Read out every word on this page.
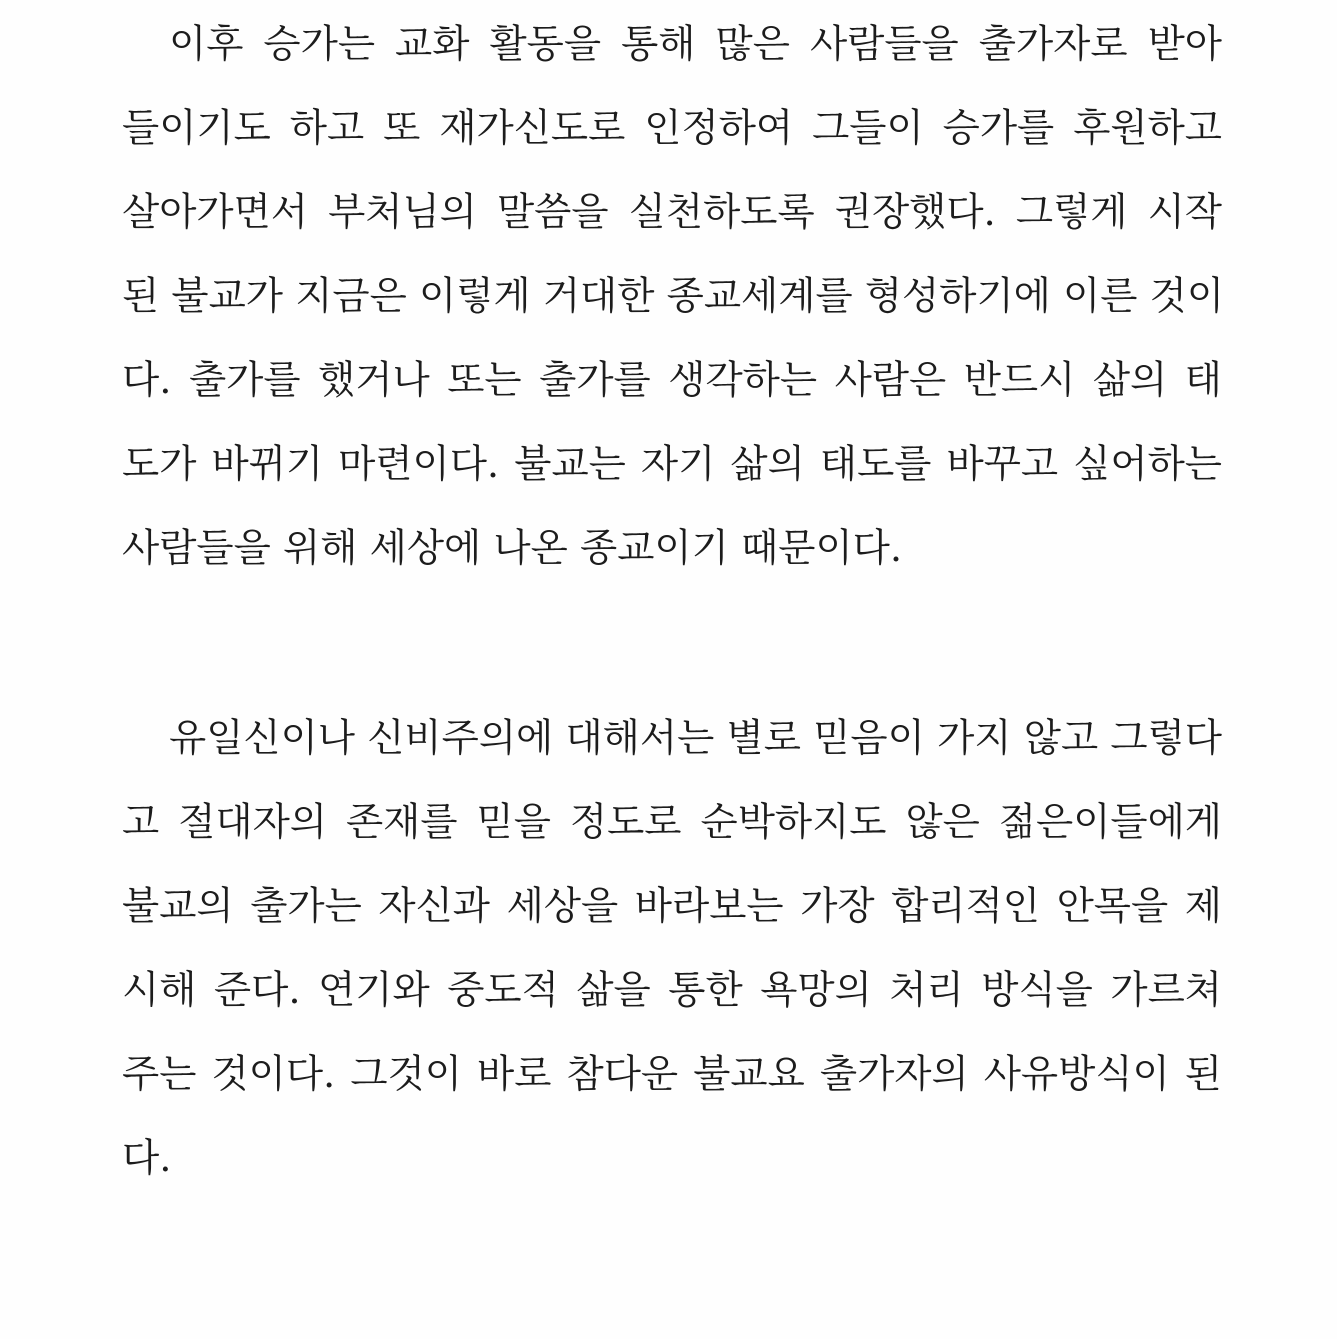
이후 승가는 교화 활동을 통해 많은 사람들을 출가자로 받아
들이기도 하고 또 재가신도로 인정하여 그들이 승가를 후원하고
살아가면서 부처님의 말씀을 실천하도록 권장했다. 그렇게 시작
된 불교가 지금은 이렇게 거대한 종교세계를 형성하기에 이른 것이
다. 출가를 했거나 또는 출가를 생각하는 사람은 반드시 삶의 태
도가 바뀌기 마련이다. 불교는 자기 삶의 태도를 바꾸고 싶어하는
사람들을 위해 세상에 나온 종교이기 때문이다.
유일신이나 신비주의에 대해서는 별로 믿음이 가지 않고 그렇다
고 절대자의 존재를 믿을 정도로 순박하지도 않은 젊은이들에게
불교의 출가는 자신과 세상을 바라보는 가장 합리적인 안목을 제
시해 준다. 연기와 중도적 삶을 통한 욕망의 처리 방식을 가르쳐
주는 것이다. 그것이 바로 참다운 불교요 출가자의 사유방식이 된
다.
